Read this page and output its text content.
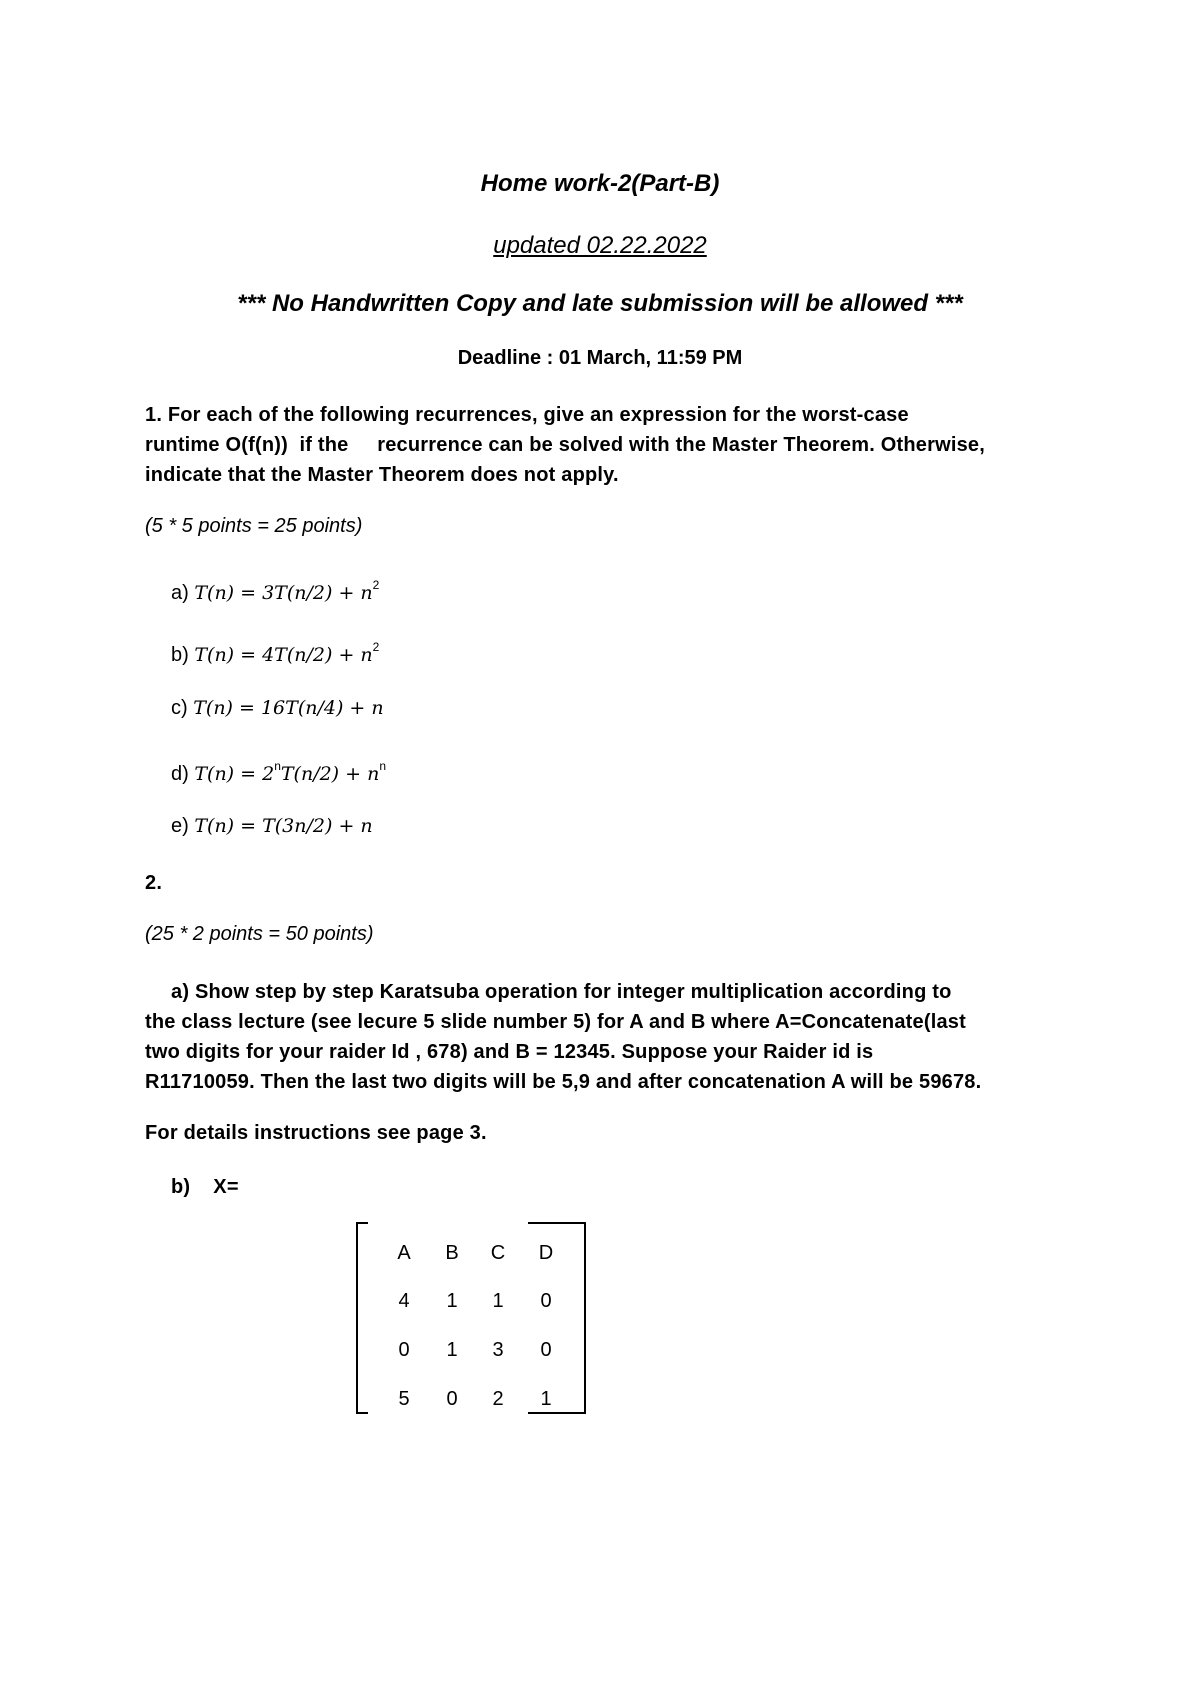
Home work-2(Part-B)
updated 02.22.2022
*** No Handwritten Copy and late submission will be allowed ***
Deadline : 01 March, 11:59 PM
1. For each of the following recurrences, give an expression for the worst-case
runtime O(f(n))  if the     recurrence can be solved with the Master Theorem. Otherwise,
indicate that the Master Theorem does not apply.
(5 * 5 points = 25 points)
a) $T(n) = 3T(n/2) + n^2$
b) $T(n) = 4T(n/2) + n^2$
c) T(n) = 16T(n/4) + n
d) $T(n) = 2^nT(n/2) + n^n$
e) T(n) = T(3n/2) + n
2.
(25 * 2 points = 50 points)
a) Show step by step Karatsuba operation for integer multiplication according to
the class lecture (see lecure 5 slide number 5) for A and B where A=Concatenate(last
two digits for your raider Id , 678) and B = 12345. Suppose your Raider id is
R11710059. Then the last two digits will be 5,9 and after concatenation A will be 59678.
For details instructions see page 3.
b)    X=
A	B	C	D
4	1	1	0
0	1	3	0
5	0	2	1
